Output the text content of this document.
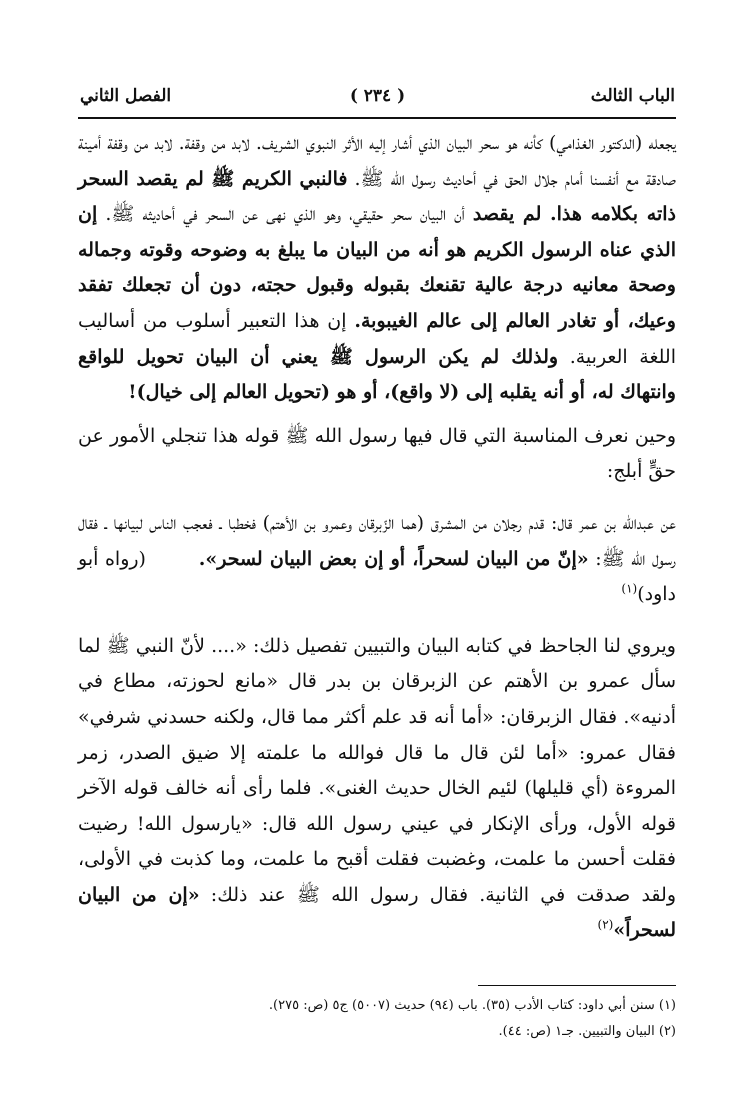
الباب الثالث
( ٢٣٤ )
الفصل الثاني

يجعله (الدكتور الغذامي) كأنه هو سحر البيان الذي أشار إليه الأثر النبوي الشريف. لابد من وقفة. لابد من وقفة أمينة صادقة مع أنفسنا أمام جلال الحق في أحاديث رسول الله ﷺ. فالنبي الكريم ﷺ لم يقصد السحر ذاته بكلامه هذا. لم يقصد أن البيان سحر حقيقي، وهو الذي نهى عن السحر في أحاديثه ﷺ. إن الذي عناه الرسول الكريم هو أنه من البيان ما يبلغ به وضوحه وقوته وجماله وصحة معانيه درجة عالية تقنعك بقبوله وقبول حجته، دون أن تجعلك تفقد وعيك، أو تغادر العالم إلى عالم الغيبوبة. إن هذا التعبير أسلوب من أساليب اللغة العربية. ولذلك لم يكن الرسول ﷺ يعني أن البيان تحويل للواقع وانتهاك له، أو أنه يقلبه إلى (لا واقع)، أو هو (تحويل العالم إلى خيال)!

وحين نعرف المناسبة التي قال فيها رسول الله ﷺ قوله هذا تنجلي الأمور عن حقٍّ أبلج:

عن عبدالله بن عمر قال: قدم رجلان من المشرق (هما الزّبرقان وعمرو بن الأهتم) فخطبا ـ فعجب الناس لبيانها ـ فقال رسول الله ﷺ: «إنّ من البيان لسحراً، أو إن بعض البيان لسحر».        (رواه أبو داود)$^{(١)}$

ويروي لنا الجاحظ في كتابه البيان والتبيين تفصيل ذلك: «.... لأنّ النبي ﷺ لما سأل عمرو بن الأهتم عن الزبرقان بن بدر قال «مانع لحوزته، مطاع في أدنيه». فقال الزبرقان: «أما أنه قد علم أكثر مما قال، ولكنه حسدني شرفي» فقال عمرو: «أما لئن قال ما قال فوالله ما علمته إلا ضيق الصدر، زمر المروءة (أي قليلها) لئيم الخال حديث الغنى». فلما رأى أنه خالف قوله الآخر قوله الأول، ورأى الإنكار في عيني رسول الله قال: «يارسول الله! رضيت فقلت أحسن ما علمت، وغضبت فقلت أقبح ما علمت، وما كذبت في الأولى، ولقد صدقت في الثانية. فقال رسول الله ﷺ عند ذلك: «إن من البيان لسحراً»$^{(٢)}$

(١) سنن أبي داود: كتاب الأدب (٣٥). باب (٩٤) حديث (٥٠٠٧) ج٥ (ص: ٢٧٥).

(٢) البيان والتبيين. جـ١ (ص: ٤٤).
